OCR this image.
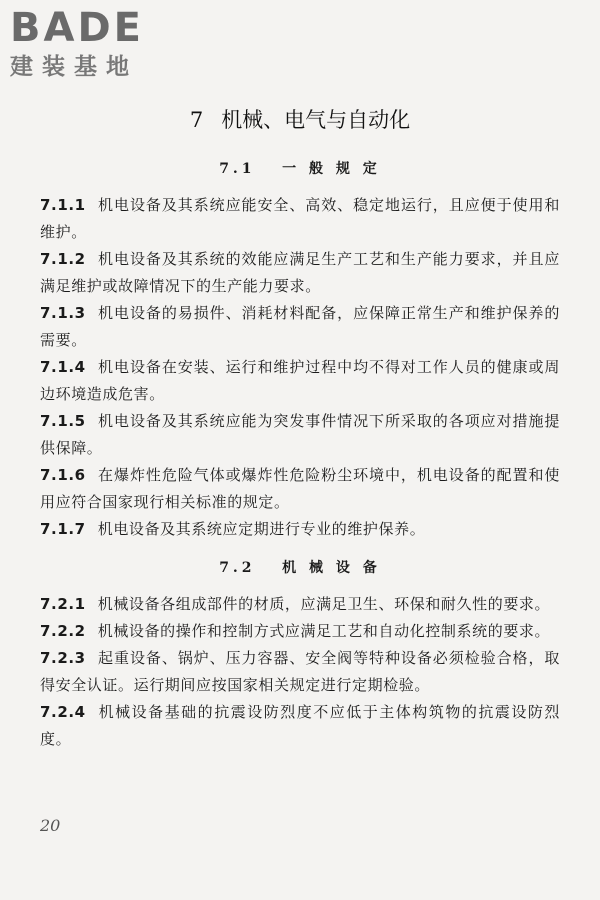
BADE
建装基地
7 机械、电气与自动化
7.1 一 般 规 定
7.1.1 机电设备及其系统应能安全、高效、稳定地运行，且应便于使用和维护。
7.1.2 机电设备及其系统的效能应满足生产工艺和生产能力要求，并且应满足维护或故障情况下的生产能力要求。
7.1.3 机电设备的易损件、消耗材料配备，应保障正常生产和维护保养的需要。
7.1.4 机电设备在安装、运行和维护过程中均不得对工作人员的健康或周边环境造成危害。
7.1.5 机电设备及其系统应能为突发事件情况下所采取的各项应对措施提供保障。
7.1.6 在爆炸性危险气体或爆炸性危险粉尘环境中，机电设备的配置和使用应符合国家现行相关标准的规定。
7.1.7 机电设备及其系统应定期进行专业的维护保养。
7.2 机 械 设 备
7.2.1 机械设备各组成部件的材质，应满足卫生、环保和耐久性的要求。
7.2.2 机械设备的操作和控制方式应满足工艺和自动化控制系统的要求。
7.2.3 起重设备、锅炉、压力容器、安全阀等特种设备必须检验合格，取得安全认证。运行期间应按国家相关规定进行定期检验。
7.2.4 机械设备基础的抗震设防烈度不应低于主体构筑物的抗震设防烈度。
20
